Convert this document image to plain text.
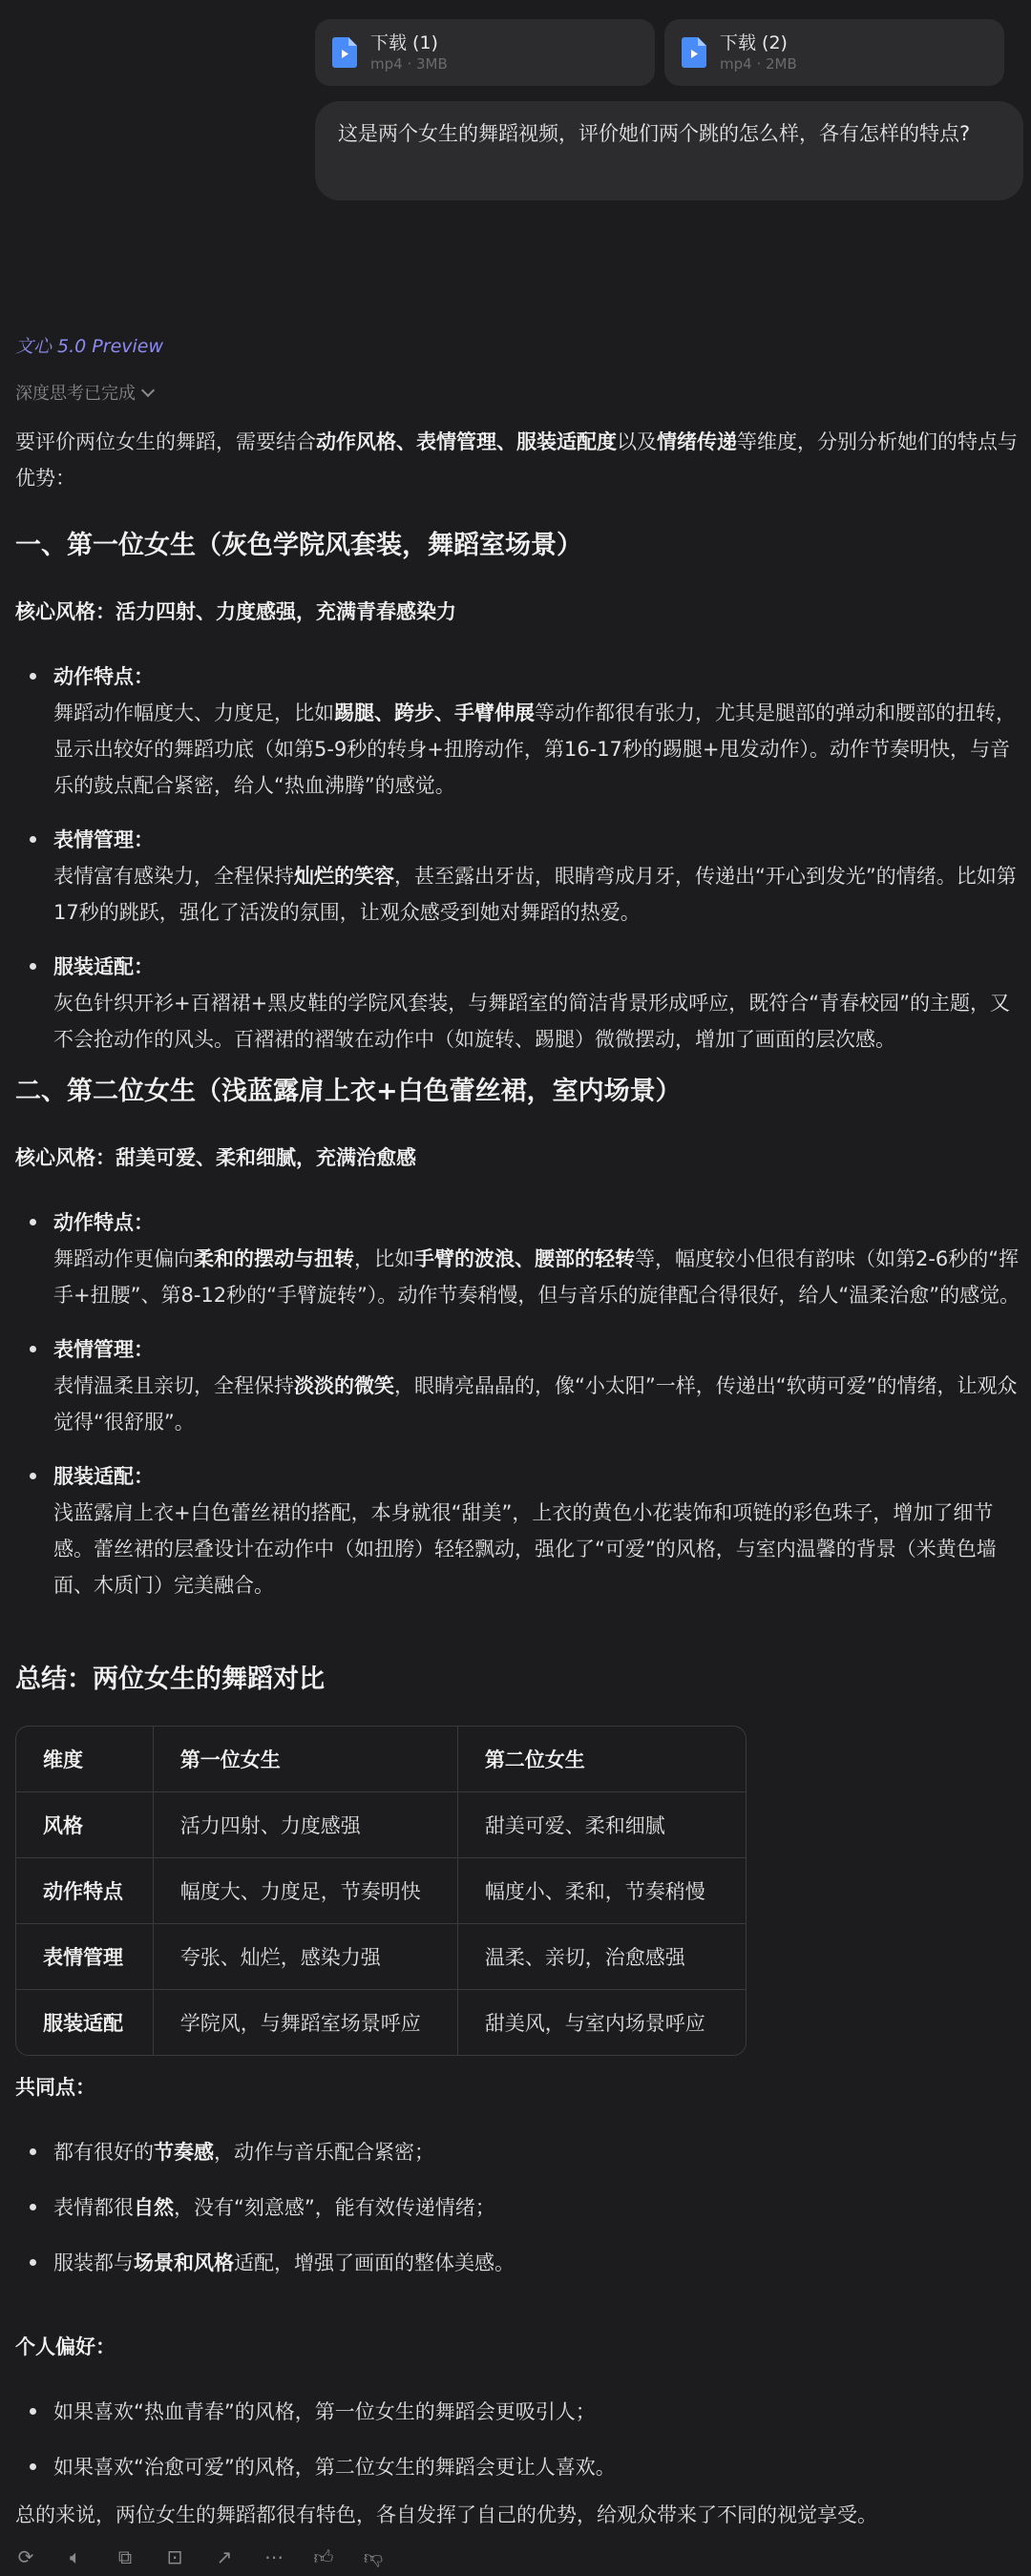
下载 (1)
mp4 · 3MB
下载 (2)
mp4 · 2MB
这是两个女生的舞蹈视频，评价她们两个跳的怎么样，各有怎样的特点?
文心 5.0 Preview
深度思考已完成

要评价两位女生的舞蹈，需要结合动作风格、表情管理、服装适配度以及情绪传递等维度，分别分析她们的特点与优势：

一、第一位女生（灰色学院风套装，舞蹈室场景）

核心风格：活力四射、力度感强，充满青春感染力

动作特点：
舞蹈动作幅度大、力度足，比如踢腿、跨步、手臂伸展等动作都很有张力，尤其是腿部的弹动和腰部的扭转，显示出较好的舞蹈功底（如第5-9秒的转身+扭胯动作，第16-17秒的踢腿+甩发动作）。动作节奏明快，与音乐的鼓点配合紧密，给人“热血沸腾”的感觉。
表情管理：
表情富有感染力，全程保持灿烂的笑容，甚至露出牙齿，眼睛弯成月牙，传递出“开心到发光”的情绪。比如第17秒的跳跃，强化了活泼的氛围，让观众感受到她对舞蹈的热爱。
服装适配：
灰色针织开衫+百褶裙+黑皮鞋的学院风套装，与舞蹈室的简洁背景形成呼应，既符合“青春校园”的主题，又不会抢动作的风头。百褶裙的褶皱在动作中（如旋转、踢腿）微微摆动，增加了画面的层次感。
二、第二位女生（浅蓝露肩上衣+白色蕾丝裙，室内场景）

核心风格：甜美可爱、柔和细腻，充满治愈感

动作特点：
舞蹈动作更偏向柔和的摆动与扭转，比如手臂的波浪、腰部的轻转等，幅度较小但很有韵味（如第2-6秒的“挥手+扭腰”、第8-12秒的“手臂旋转”）。动作节奏稍慢，但与音乐的旋律配合得很好，给人“温柔治愈”的感觉。
表情管理：
表情温柔且亲切，全程保持淡淡的微笑，眼睛亮晶晶的，像“小太阳”一样，传递出“软萌可爱”的情绪，让观众觉得“很舒服”。
服装适配：
浅蓝露肩上衣+白色蕾丝裙的搭配，本身就很“甜美”，上衣的黄色小花装饰和项链的彩色珠子，增加了细节感。蕾丝裙的层叠设计在动作中（如扭胯）轻轻飘动，强化了“可爱”的风格，与室内温馨的背景（米黄色墙面、木质门）完美融合。
总结：两位女生的舞蹈对比
维度	第一位女生	第二位女生
风格	活力四射、力度感强	甜美可爱、柔和细腻
动作特点	幅度大、力度足，节奏明快	幅度小、柔和，节奏稍慢
表情管理	夸张、灿烂，感染力强	温柔、亲切，治愈感强
服装适配	学院风，与舞蹈室场景呼应	甜美风，与室内场景呼应

共同点：

都有很好的节奏感，动作与音乐配合紧密；
表情都很自然，没有“刻意感”，能有效传递情绪；
服装都与场景和风格适配，增强了画面的整体美感。

个人偏好：

如果喜欢“热血青春”的风格，第一位女生的舞蹈会更吸引人；
如果喜欢“治愈可爱”的风格，第二位女生的舞蹈会更让人喜欢。

总的来说，两位女生的舞蹈都很有特色，各自发挥了自己的优势，给观众带来了不同的视觉享受。

⟳ 🔈︎ ⧉ ⊡ ↗ ⋯ 👍︎ 👎︎
